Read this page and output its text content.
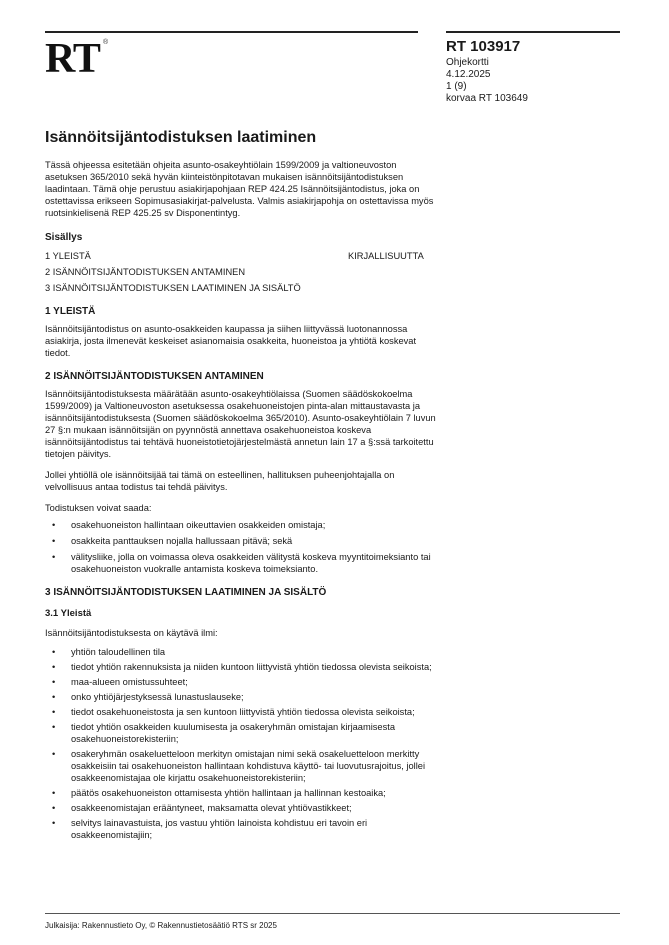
RT ®	RT 103917
Ohjekortti
4.12.2025
1 (9)
korvaa RT 103649
Isännöitsijäntodistuksen laatiminen

Tässä ohjeessa esitetään ohjeita asunto-osakeyhtiölain 1599/2009 ja valtioneuvoston asetuksen 365/2010 sekä hyvän kiinteistönpitotavan mukaisen isännöitsijäntodistuksen laadintaan. Tämä ohje perustuu asiakirjapohjaan REP 424.25 Isännöitsijäntodistus, joka on ostettavissa erikseen Sopimusasiakirjat-palvelusta. Valmis asiakirjapohja on ostettavissa myös ruotsinkielisenä REP 425.25 sv Disponentintyg.

Sisällys
1 YLEISTÄ	KIRJALLISUUTTA
2 ISÄNNÖITSIJÄNTODISTUKSEN ANTAMINEN
3 ISÄNNÖITSIJÄNTODISTUKSEN LAATIMINEN JA SISÄLTÖ
1 YLEISTÄ

Isännöitsijäntodistus on asunto-osakkeiden kaupassa ja siihen liittyvässä luotonannossa asiakirja, josta ilmenevät keskeiset asianomaisia osakkeita, huoneistoa ja yhtiötä koskevat tiedot.

2 ISÄNNÖITSIJÄNTODISTUKSEN ANTAMINEN

Isännöitsijäntodistuksesta määrätään asunto-osakeyhtiölaissa (Suomen säädöskokoelma 1599/2009) ja Valtioneuvoston asetuksessa osakehuoneistojen pinta-alan mittaustavasta ja isännöitsijäntodistuksesta (Suomen säädöskokoelma 365/2010). Asunto-osakeyhtiölain 7 luvun 27 §:n mukaan isännöitsijän on pyynnöstä annettava osakehuoneistoa koskeva isännöitsijäntodistus tai tehtävä huoneistotietojärjestelmästä annetun lain 17 a §:ssä tarkoitettu tietojen päivitys.

Jollei yhtiöllä ole isännöitsijää tai tämä on esteellinen, hallituksen puheenjohtajalla on velvollisuus antaa todistus tai tehdä päivitys.

Todistuksen voivat saada:

• osakehuoneiston hallintaan oikeuttavien osakkeiden omistaja;
• osakkeita panttauksen nojalla hallussaan pitävä; sekä
• välitysliike, jolla on voimassa oleva osakkeiden välitystä koskeva myyntitoimeksianto tai osakehuoneiston vuokralle antamista koskeva toimeksianto.
3 ISÄNNÖITSIJÄNTODISTUKSEN LAATIMINEN JA SISÄLTÖ
3.1 Yleistä

Isännöitsijäntodistuksesta on käytävä ilmi:

• yhtiön taloudellinen tila
• tiedot yhtiön rakennuksista ja niiden kuntoon liittyvistä yhtiön tiedossa olevista seikoista;
• maa-alueen omistussuhteet;
• onko yhtiöjärjestyksessä lunastuslauseke;
• tiedot osakehuoneistosta ja sen kuntoon liittyvistä yhtiön tiedossa olevista seikoista;
• tiedot yhtiön osakkeiden kuulumisesta ja osakeryhmän omistajan kirjaamisesta osakehuoneistorekisteriin;
• osakeryhmän osakeluetteloon merkityn omistajan nimi sekä osakeluetteloon merkitty osakkeisiin tai osakehuoneiston hallintaan kohdistuva käyttö- tai luovutusrajoitus, jollei osakkeenomistajaa ole kirjattu osakehuoneistorekisteriin;
• päätös osakehuoneiston ottamisesta yhtiön hallintaan ja hallinnan kestoaika;
• osakkeenomistajan erääntyneet, maksamatta olevat yhtiövastikkeet;
• selvitys lainavastuista, jos vastuu yhtiön lainoista kohdistuu eri tavoin eri osakkeenomistajiin;
Julkaisija: Rakennustieto Oy, © Rakennustietosäätiö RTS sr 2025
